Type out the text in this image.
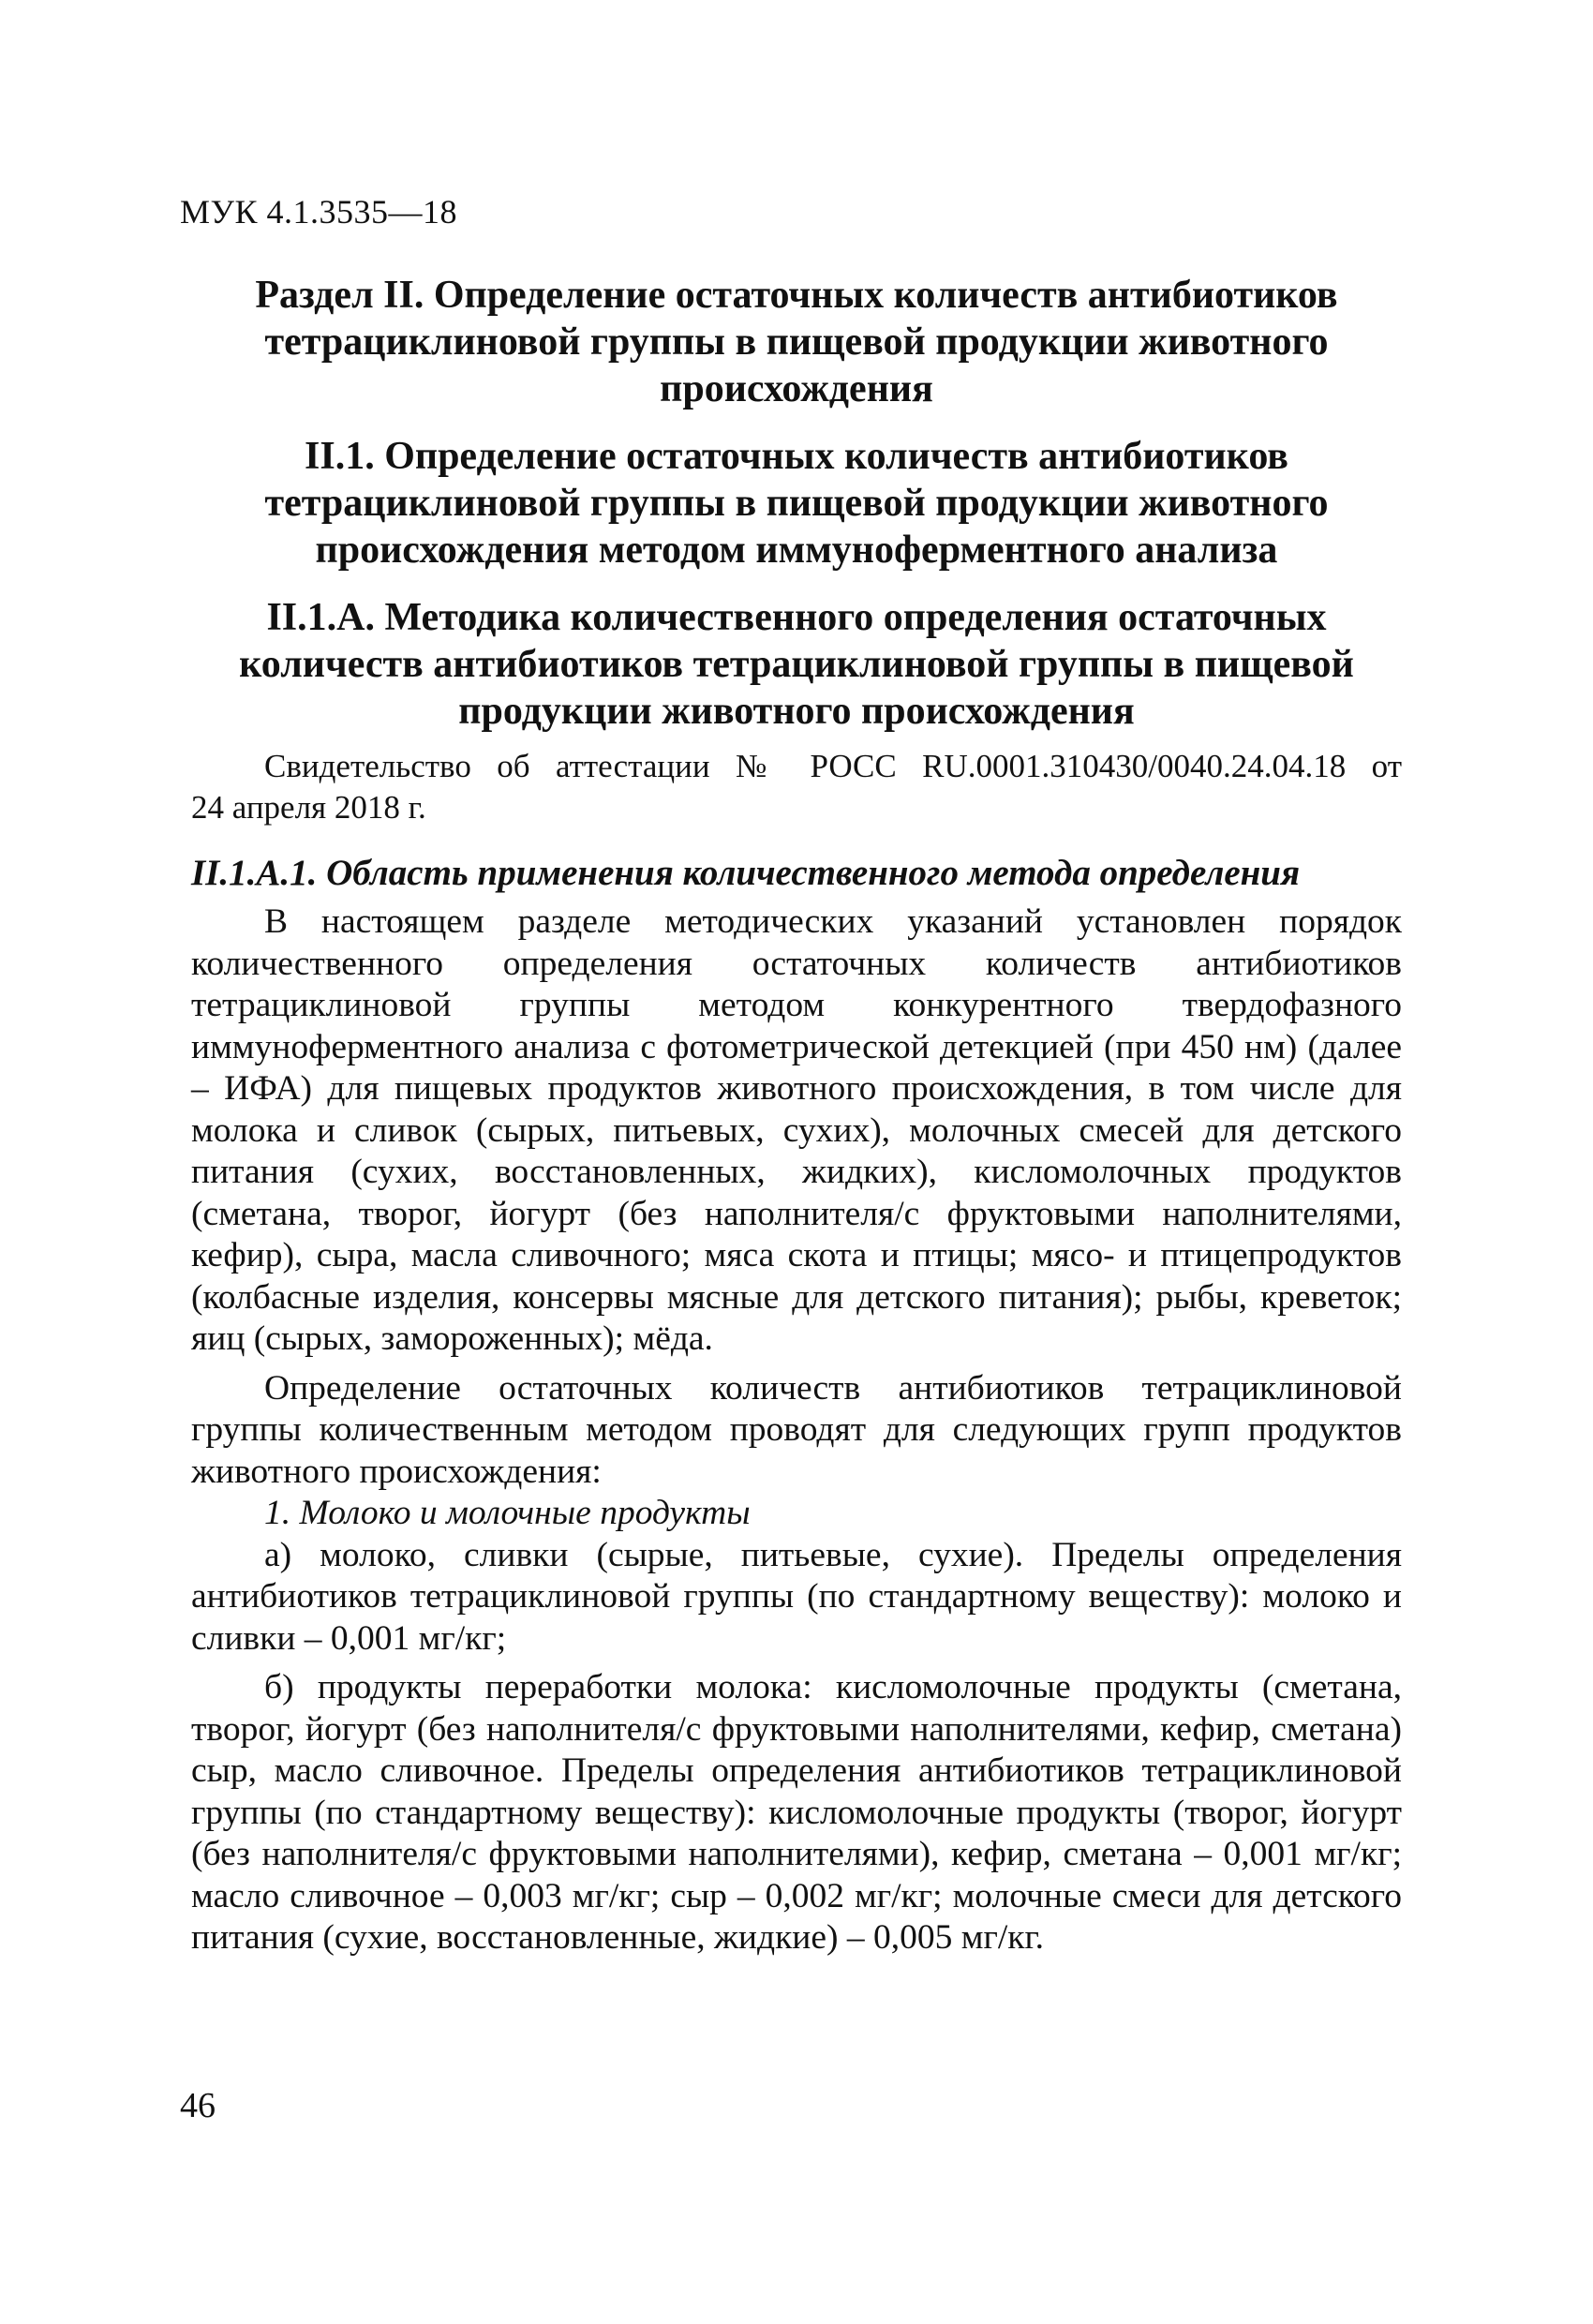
МУК 4.1.3535—18
Раздел II. Определение остаточных количеств антибиотиков тетрациклиновой группы в пищевой продукции животного происхождения
II.1. Определение остаточных количеств антибиотиков тетрациклиновой группы в пищевой продукции животного происхождения методом иммуноферментного анализа
II.1.А. Методика количественного определения остаточных количеств антибиотиков тетрациклиновой группы в пищевой продукции животного происхождения
Свидетельство об аттестации № РОСС RU.0001.310430/0040.24.04.18 от
24 апреля 2018 г.
II.1.А.1. Область применения количественного метода определения

В настоящем разделе методических указаний установлен порядок количественного определения остаточных количеств антибиотиков тетрациклиновой группы методом конкурентного твердофазного иммуноферментного анализа с фотометрической детекцией (при 450 нм) (далее – ИФА) для пищевых продуктов животного происхождения, в том числе для молока и сливок (сырых, питьевых, сухих), молочных смесей для детского питания (сухих, восстановленных, жидких), кисломолочных продуктов (сметана, творог, йогурт (без наполнителя/с фруктовыми наполнителями, кефир), сыра, масла сливочного; мяса скота и птицы; мясо- и птицепродуктов (колбасные изделия, консервы мясные для детского питания); рыбы, креветок; яиц (сырых, замороженных); мёда.

Определение остаточных количеств антибиотиков тетрациклиновой группы количественным методом проводят для следующих групп продуктов животного происхождения:

1. Молоко и молочные продукты

а) молоко, сливки (сырые, питьевые, сухие). Пределы определения антибиотиков тетрациклиновой группы (по стандартному веществу): молоко и сливки – 0,001 мг/кг;

б) продукты переработки молока: кисломолочные продукты (сметана, творог, йогурт (без наполнителя/с фруктовыми наполнителями, кефир, сметана) сыр, масло сливочное. Пределы определения антибиотиков тетрациклиновой группы (по стандартному веществу): кисломолочные продукты (творог, йогурт (без наполнителя/с фруктовыми наполнителями), кефир, сметана – 0,001 мг/кг; масло сливочное – 0,003 мг/кг; сыр – 0,002 мг/кг; молочные смеси для детского питания (сухие, восстановленные, жидкие) – 0,005 мг/кг.

46
